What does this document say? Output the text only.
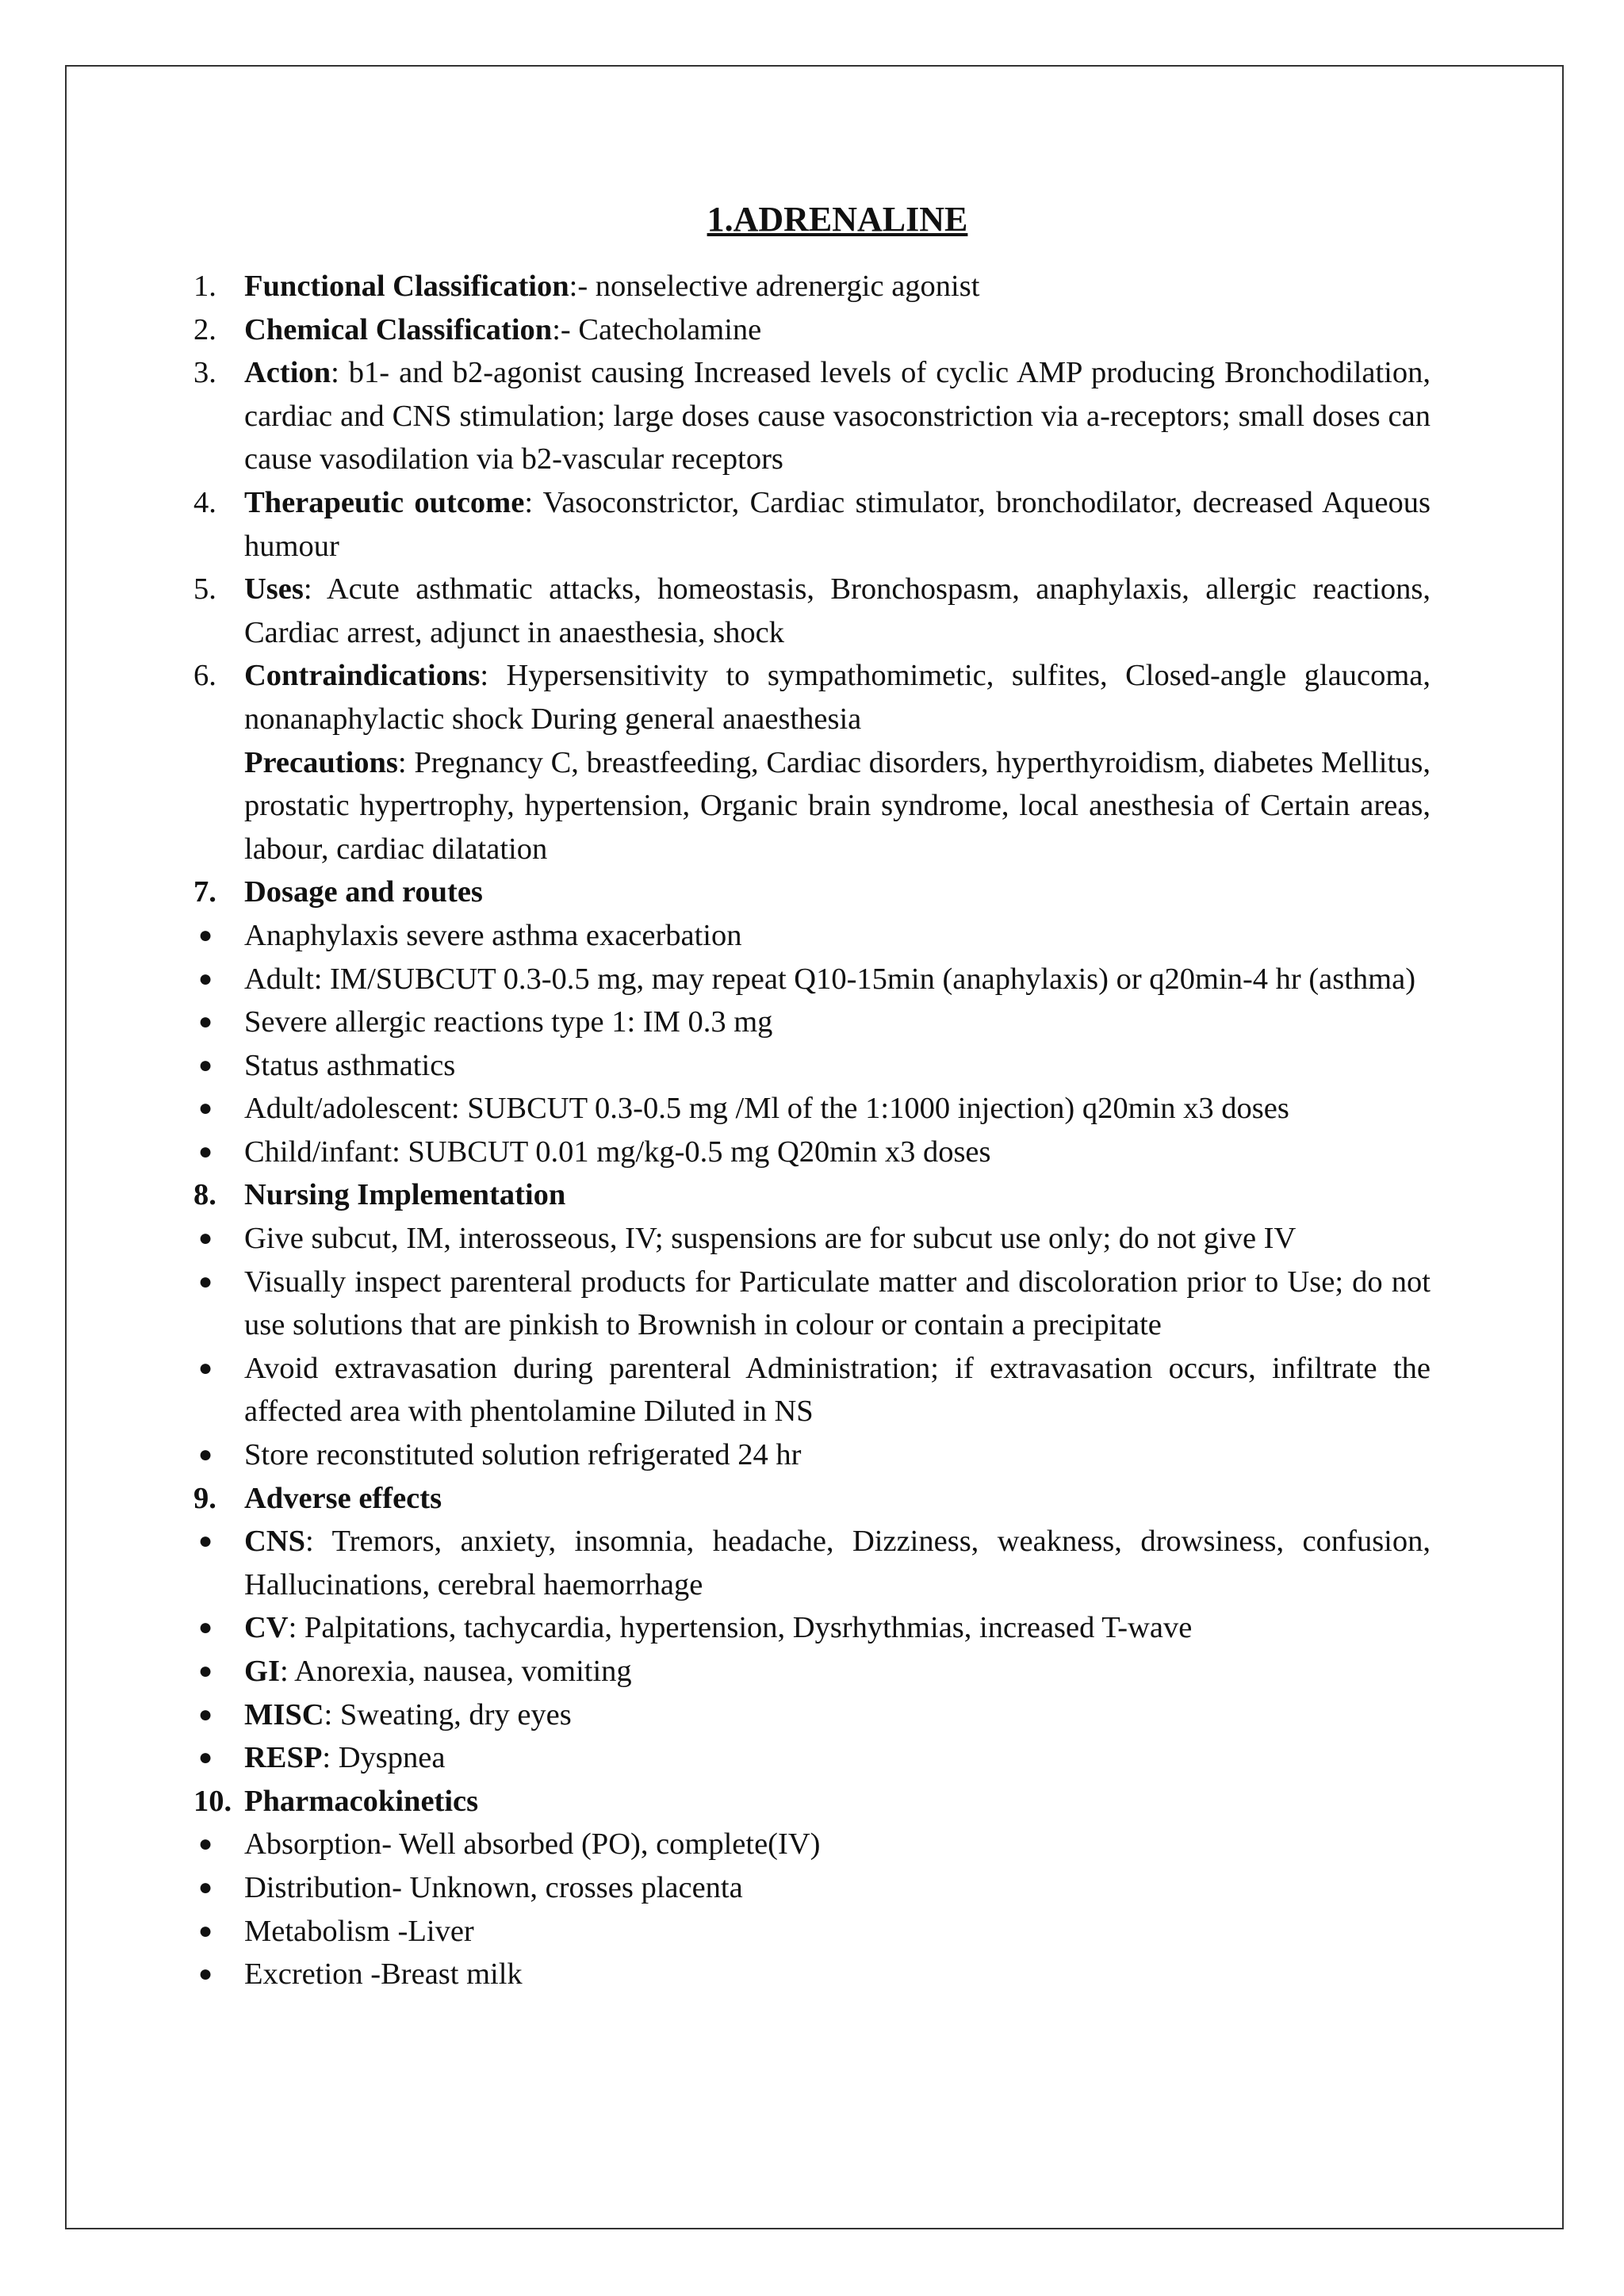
1.ADRENALINE
1. Functional Classification:- nonselective adrenergic agonist
2. Chemical Classification:- Catecholamine
3. Action: b1- and b2-agonist causing Increased levels of cyclic AMP producing Bronchodilation, cardiac and CNS stimulation; large doses cause vasoconstriction via a-receptors; small doses can cause vasodilation via b2-vascular receptors
4. Therapeutic outcome: Vasoconstrictor, Cardiac stimulator, bronchodilator, decreased Aqueous humour
5. Uses: Acute asthmatic attacks, homeostasis, Bronchospasm, anaphylaxis, allergic reactions, Cardiac arrest, adjunct in anaesthesia, shock
6. Contraindications: Hypersensitivity to sympathomimetic, sulfites, Closed-angle glaucoma, nonanaphylactic shock During general anaesthesia
Precautions: Pregnancy C, breastfeeding, Cardiac disorders, hyperthyroidism, diabetes Mellitus, prostatic hypertrophy, hypertension, Organic brain syndrome, local anesthesia of Certain areas, labour, cardiac dilatation
7. Dosage and routes
● Anaphylaxis severe asthma exacerbation
● Adult: IM/SUBCUT 0.3-0.5 mg, may repeat Q10-15min (anaphylaxis) or q20min-4 hr (asthma)
● Severe allergic reactions type 1: IM 0.3 mg
● Status asthmatics
● Adult/adolescent: SUBCUT 0.3-0.5 mg /Ml of the 1:1000 injection) q20min x3 doses
● Child/infant: SUBCUT 0.01 mg/kg-0.5 mg Q20min x3 doses
8. Nursing Implementation
● Give subcut, IM, interosseous, IV; suspensions are for subcut use only; do not give IV
● Visually inspect parenteral products for Particulate matter and discoloration prior to Use; do not use solutions that are pinkish to Brownish in colour or contain a precipitate
● Avoid extravasation during parenteral Administration; if extravasation occurs, infiltrate the affected area with phentolamine Diluted in NS
● Store reconstituted solution refrigerated 24 hr
9. Adverse effects
● CNS: Tremors, anxiety, insomnia, headache, Dizziness, weakness, drowsiness, confusion, Hallucinations, cerebral haemorrhage
● CV: Palpitations, tachycardia, hypertension, Dysrhythmias, increased T-wave
● GI: Anorexia, nausea, vomiting
● MISC: Sweating, dry eyes
● RESP: Dyspnea
10. Pharmacokinetics
● Absorption- Well absorbed (PO), complete(IV)
● Distribution- Unknown, crosses placenta
● Metabolism -Liver
● Excretion -Breast milk
